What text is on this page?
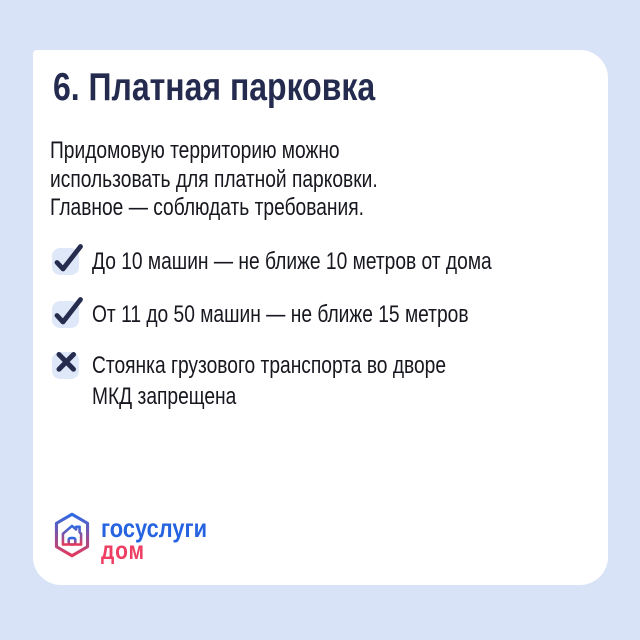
6. Платная парковка
Придомовую территорию можно
использовать для платной парковки.
Главное — соблюдать требования.
До 10 машин — не ближе 10 метров от дома
От 11 до 50 машин — не ближе 15 метров
Стоянка грузового транспорта во дворе МКД запрещена
госуслуги
дом
